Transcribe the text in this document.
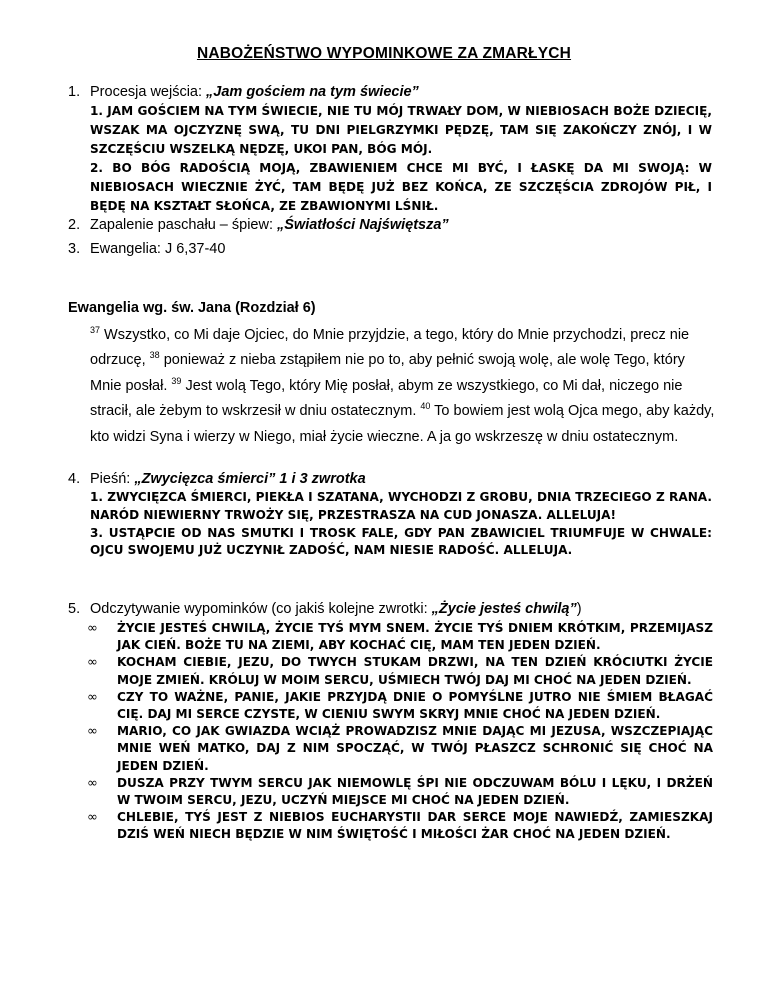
NABOŻEŃSTWO WYPOMINKOWE ZA ZMARŁYCH
1. Procesja wejścia: „Jam gościem na tym świecie”

1. JAM GOŚCIEM NA TYM ŚWIECIE, NIE TU MÓJ TRWAŁY DOM, W NIEBIOSACH BOŻE DZIECIĘ, WSZAK MA OJCZYZNĘ SWĄ, TU DNI PIELGRZYMKI PĘDZĘ, TAM SIĘ ZAKOŃCZY ZNÓJ, I W SZCZĘŚCIU WSZELKĄ NĘDZĘ, UKOI PAN, BÓG MÓJ.

2. BO BÓG RADOŚCIĄ MOJĄ, ZBAWIENIEM CHCE MI BYĆ, I ŁASKĘ DA MI SWOJĄ: W NIEBIOSACH WIECZNIE ŻYĆ, TAM BĘDĘ JUŻ BEZ KOŃCA, ZE SZCZĘŚCIA ZDROJÓW PIŁ, I BĘDĘ NA KSZTAŁT SŁOŃCA, ZE ZBAWIONYMI LŚNIŁ.

2. Zapalenie paschału – śpiew: „Światłości Najświętsza”
3. Ewangelia: J 6,37-40
Ewangelia wg. św. Jana (Rozdział 6)
$^{37}$ Wszystko, co Mi daje Ojciec, do Mnie przyjdzie, a tego, który do Mnie przychodzi, precz nie odrzucę, $^{38}$ ponieważ z nieba zstąpiłem nie po to, aby pełnić swoją wolę, ale wolę Tego, który Mnie posłał. $^{39}$ Jest wolą Tego, który Mię posłał, abym ze wszystkiego, co Mi dał, niczego nie stracił, ale żebym to wskrzesił w dniu ostatecznym. $^{40}$ To bowiem jest wolą Ojca mego, aby każdy, kto widzi Syna i wierzy w Niego, miał życie wieczne. A ja go wskrzeszę w dniu ostatecznym.
4. Pieśń: „Zwycięzca śmierci” 1 i 3 zwrotka

1. ZWYCIĘZCA ŚMIERCI, PIEKŁA I SZATANA, WYCHODZI Z GROBU, DNIA TRZECIEGO Z RANA. NARÓD NIEWIERNY TRWOŻY SIĘ, PRZESTRASZA NA CUD JONASZA. ALLELUJA!

3. USTĄPCIE OD NAS SMUTKI I TROSK FALE, GDY PAN ZBAWICIEL TRIUMFUJE W CHWALE: OJCU SWOJEMU JUŻ UCZYNIŁ ZADOŚĆ, NAM NIESIE RADOŚĆ. ALLELUJA.

5. Odczytywanie wypominków (co jakiś kolejne zwrotki: „Życie jesteś chwilą”)
∞ ŻYCIE JESTEŚ CHWILĄ, ŻYCIE TYŚ MYM SNEM. ŻYCIE TYŚ DNIEM KRÓTKIM, PRZEMIJASZ JAK CIEŃ. BOŻE TU NA ZIEMI, ABY KOCHAĆ CIĘ, MAM TEN JEDEN DZIEŃ.
∞ KOCHAM CIEBIE, JEZU, DO TWYCH STUKAM DRZWI, NA TEN DZIEŃ KRÓCIUTKI ŻYCIE MOJE ZMIEŃ. KRÓLUJ W MOIM SERCU, UŚMIECH TWÓJ DAJ MI CHOĆ NA JEDEN DZIEŃ.
∞ CZY TO WAŻNE, PANIE, JAKIE PRZYJDĄ DNIE O POMYŚLNE JUTRO NIE ŚMIEM BŁAGAĆ CIĘ. DAJ MI SERCE CZYSTE, W CIENIU SWYM SKRYJ MNIE CHOĆ NA JEDEN DZIEŃ.
∞ MARIO, CO JAK GWIAZDA WCIĄŻ PROWADZISZ MNIE DAJĄC MI JEZUSA, WSZCZEPIAJĄC MNIE WEŃ MATKO, DAJ Z NIM SPOCZĄĆ, W TWÓJ PŁASZCZ SCHRONIĆ SIĘ CHOĆ NA JEDEN DZIEŃ.
∞ DUSZA PRZY TWYM SERCU JAK NIEMOWLĘ ŚPI NIE ODCZUWAM BÓLU I LĘKU, I DRŻEŃ W TWOIM SERCU, JEZU, UCZYŃ MIEJSCE MI CHOĆ NA JEDEN DZIEŃ.
∞ CHLEBIE, TYŚ JEST Z NIEBIOS EUCHARYSTII DAR SERCE MOJE NAWIEDŹ, ZAMIESZKAJ DZIŚ WEŃ NIECH BĘDZIE W NIM ŚWIĘTOŚĆ I MIŁOŚCI ŻAR CHOĆ NA JEDEN DZIEŃ.
